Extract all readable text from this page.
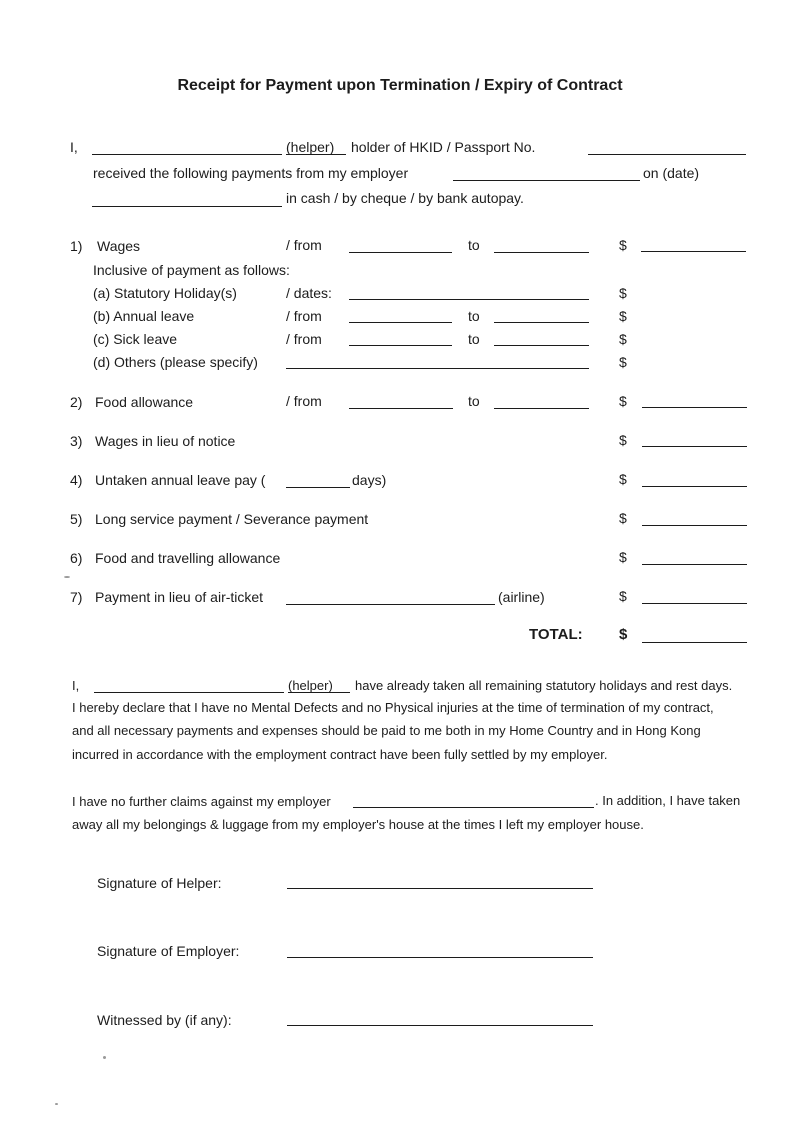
Receipt for Payment upon Termination / Expiry of Contract
I,	(helper) holder of HKID / Passport No.
received the following payments from my employer	on (date)
in cash / by cheque / by bank autopay.
1) Wages	/ from	to	$
Inclusive of payment as follows:
(a) Statutory Holiday(s)	/ dates:	$
(b) Annual leave	/ from	to	$
(c) Sick leave	/ from	to	$
(d) Others (please specify)	$
2) Food allowance	/ from	to	$
3) Wages in lieu of notice	$
4) Untaken annual leave pay (	days)	$
5) Long service payment / Severance payment	$
6) Food and travelling allowance	$
7) Payment in lieu of air-ticket	(airline)	$
TOTAL: $
I,	(helper) have already taken all remaining statutory holidays and rest days.
I hereby declare that I have no Mental Defects and no Physical injuries at the time of termination of my contract,
and all necessary payments and expenses should be paid to me both in my Home Country and in Hong Kong
incurred in accordance with the employment contract have been fully settled by my employer.
I have no further claims against my employer	. In addition, I have taken
away all my belongings & luggage from my employer's house at the times I left my employer house.
Signature of Helper:
Signature of Employer:
Witnessed by (if any):
